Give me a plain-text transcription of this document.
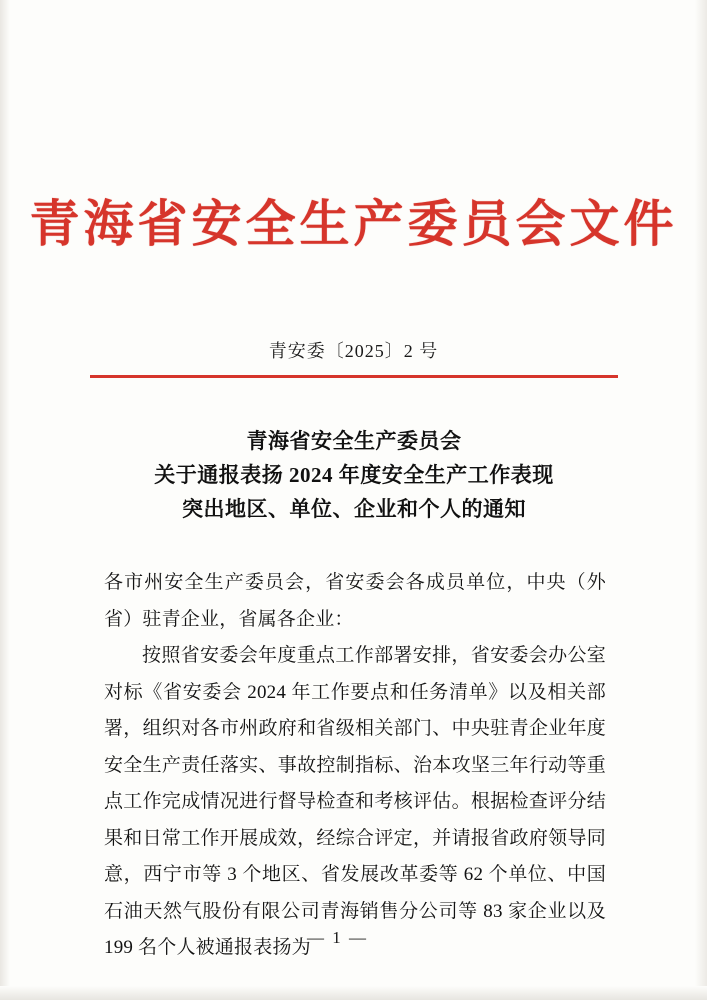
青海省安全生产委员会文件
青安委〔2025〕2 号
青海省安全生产委员会
关于通报表扬 2024 年度安全生产工作表现
突出地区、单位、企业和个人的通知

各市州安全生产委员会，省安委会各成员单位，中央（外省）驻青企业，省属各企业：

按照省安委会年度重点工作部署安排，省安委会办公室对标《省安委会 2024 年工作要点和任务清单》以及相关部署，组织对各市州政府和省级相关部门、中央驻青企业年度安全生产责任落实、事故控制指标、治本攻坚三年行动等重点工作完成情况进行督导检查和考核评估。根据检查评分结果和日常工作开展成效，经综合评定，并请报省政府领导同意，西宁市等 3 个地区、省发展改革委等 62 个单位、中国石油天然气股份有限公司青海销售分公司等 83 家企业以及 199 名个人被通报表扬为

— 1 —
